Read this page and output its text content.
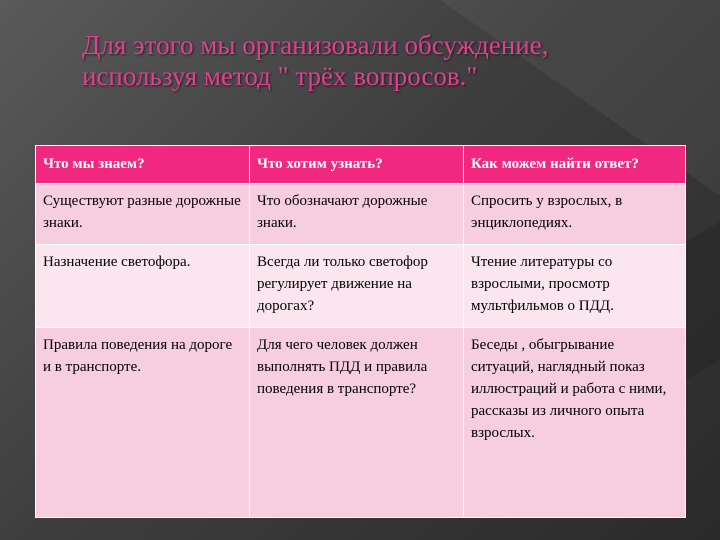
Для этого мы организовали обсуждение,
используя метод " трёх вопросов."
Что мы знаем?	Что хотим узнать?	Как можем найти ответ?
Существуют разные дорожные знаки.	Что обозначают дорожные знаки.	Спросить у взрослых, в энциклопедиях.
Назначение светофора.	Всегда ли только светофор регулирует движение на дорогах?	Чтение литературы со взрослыми, просмотр мультфильмов о ПДД.
Правила поведения на дороге и в транспорте.	Для чего человек должен выполнять ПДД и правила поведения в транспорте?	Беседы , обыгрывание ситуаций, наглядный показ иллюстраций и работа с ними, рассказы из личного опыта взрослых.
